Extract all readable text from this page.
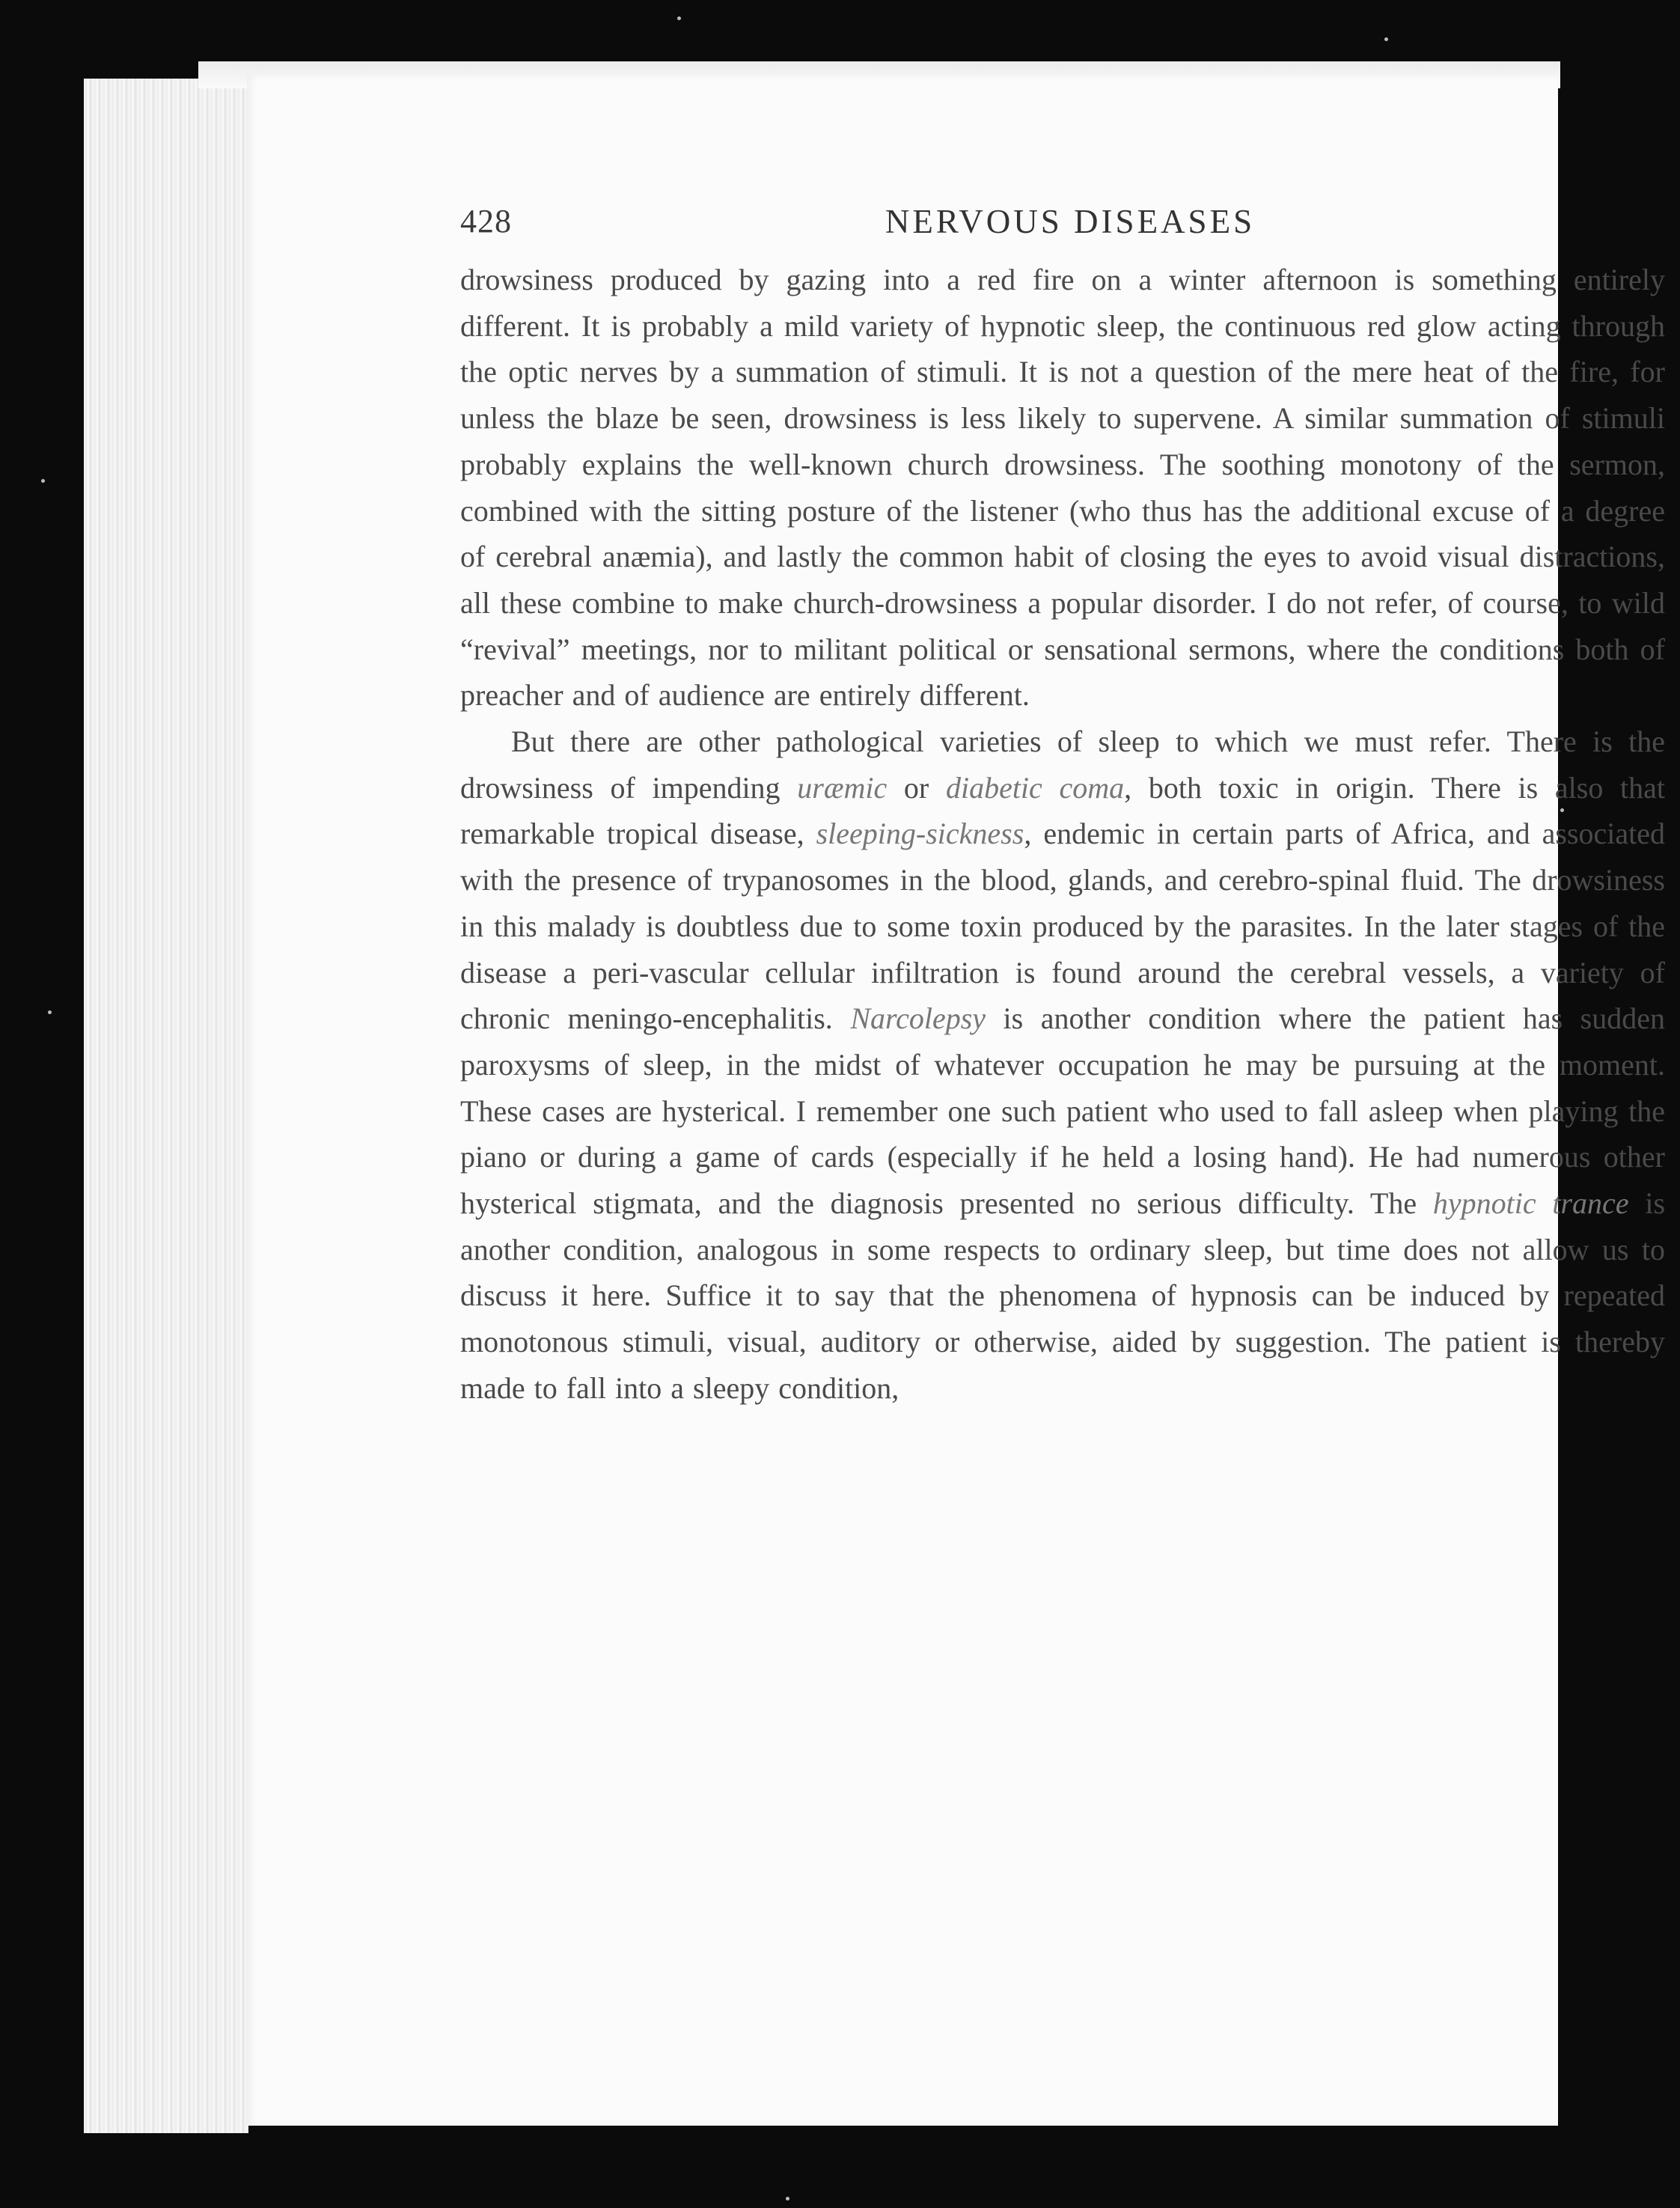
428	NERVOUS DISEASES

drowsiness produced by gazing into a red fire on a winter afternoon is something entirely different. It is probably a mild variety of hypnotic sleep, the continuous red glow acting through the optic nerves by a summation of stimuli. It is not a question of the mere heat of the fire, for unless the blaze be seen, drowsiness is less likely to supervene. A similar summation of stimuli probably explains the well-known church drowsiness. The soothing monotony of the sermon, combined with the sitting posture of the listener (who thus has the additional excuse of a degree of cerebral anæmia), and lastly the common habit of closing the eyes to avoid visual distractions, all these combine to make church-drowsiness a popular disorder. I do not refer, of course, to wild “revival” meetings, nor to militant political or sensational sermons, where the conditions both of preacher and of audience are entirely different.

But there are other pathological varieties of sleep to which we must refer. There is the drowsiness of impending uræmic or diabetic coma, both toxic in origin. There is also that remarkable tropical disease, sleeping-sickness, endemic in certain parts of Africa, and associated with the presence of trypanosomes in the blood, glands, and cerebro-spinal fluid. The drowsiness in this malady is doubtless due to some toxin produced by the parasites. In the later stages of the disease a peri-vascular cellular infiltration is found around the cerebral vessels, a variety of chronic meningo-encephalitis. Narcolepsy is another condition where the patient has sudden paroxysms of sleep, in the midst of whatever occupation he may be pursuing at the moment. These cases are hysterical. I remember one such patient who used to fall asleep when playing the piano or during a game of cards (especially if he held a losing hand). He had numerous other hysterical stigmata, and the diagnosis presented no serious difficulty. The hypnotic trance is another condition, analogous in some respects to ordinary sleep, but time does not allow us to discuss it here. Suffice it to say that the phenomena of hypnosis can be induced by repeated monotonous stimuli, visual, auditory or otherwise, aided by suggestion. The patient is thereby made to fall into a sleepy condition,
